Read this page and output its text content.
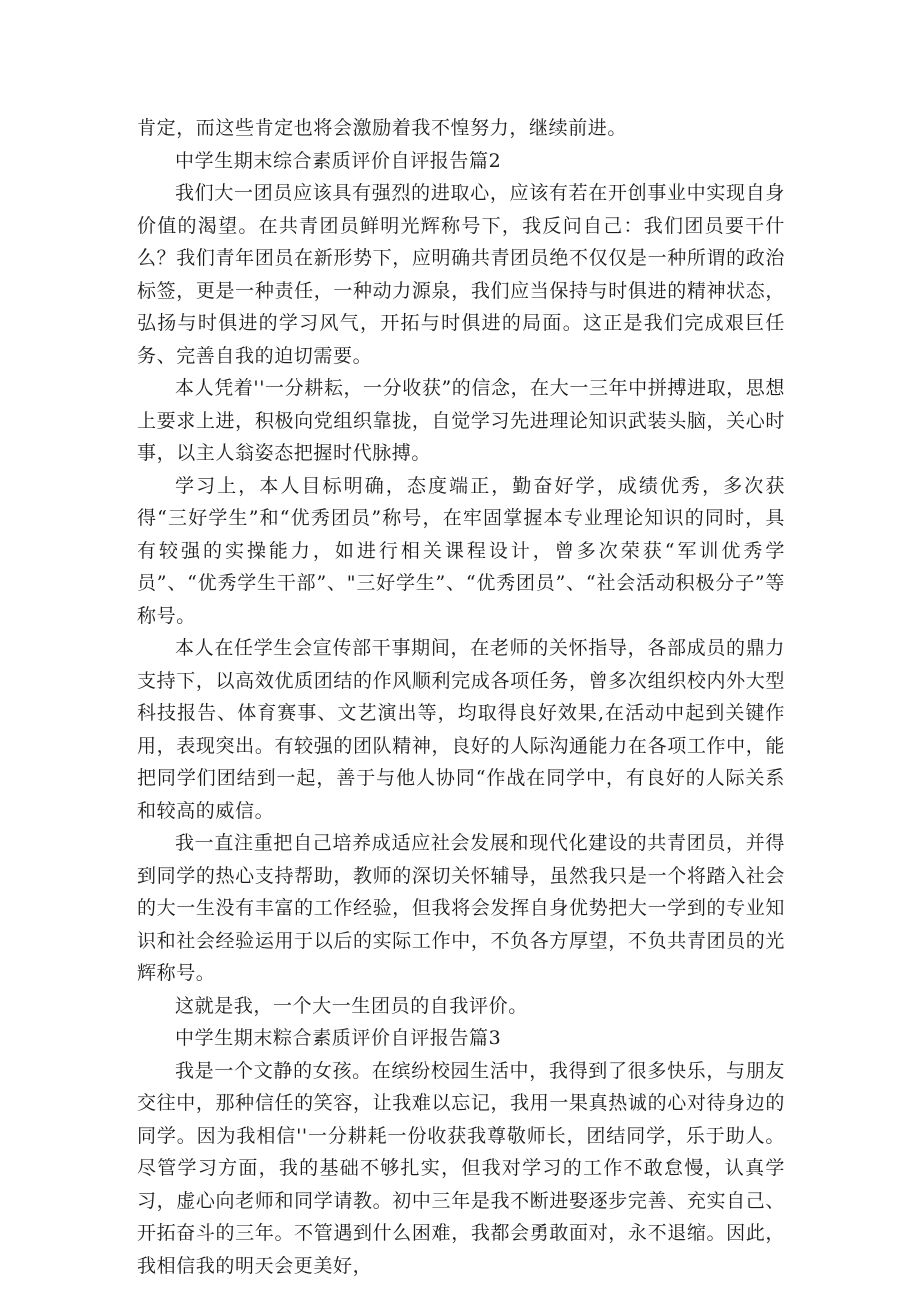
肯定，而这些肯定也将会激励着我不惶努力，继续前进。

中学生期末综合素质评价自评报告篇2

我们大一团员应该具有强烈的进取心，应该有若在开创事业中实现自身价值的渴望。在共青团员鲜明光辉称号下，我反问自己：我们团员要干什么？我们青年团员在新形势下，应明确共青团员绝不仅仅是一种所谓的政治标签，更是一种责任，一种动力源泉，我们应当保持与时俱进的精神状态，弘扬与时俱进的学习风气，开拓与时俱进的局面。这正是我们完成艰巨任务、完善自我的迫切需要。

本人凭着''一分耕耘，一分收获”的信念，在大一三年中拼搏进取，思想上要求上进，积极向党组织靠拢，自觉学习先进理论知识武装头脑，关心时事，以主人翁姿态把握时代脉搏。

学习上，本人目标明确，态度端正，勤奋好学，成绩优秀，多次获得“三好学生”和“优秀团员”称号，在牢固掌握本专业理论知识的同时，具有较强的实操能力，如进行相关课程设计，曾多次荣获“军训优秀学员”、“优秀学生干部”、"三好学生”、“优秀团员”、“社会活动积极分子”等称号。

本人在任学生会宣传部干事期间，在老师的关怀指导，各部成员的鼎力支持下，以高效优质团结的作风顺利完成各项任务，曾多次组织校内外大型科技报告、体育赛事、文艺演出等，均取得良好效果,在活动中起到关键作用，表现突出。有较强的团队精神，良好的人际沟通能力在各项工作中，能把同学们团结到一起，善于与他人协同“作战在同学中，有良好的人际关系和较高的威信。

我一直注重把自己培养成适应社会发展和现代化建设的共青团员，并得到同学的热心支持帮助，教师的深切关怀辅导，虽然我只是一个将踏入社会的大一生没有丰富的工作经验，但我将会发挥自身优势把大一学到的专业知识和社会经验运用于以后的实际工作中，不负各方厚望，不负共青团员的光辉称号。

这就是我，一个大一生团员的自我评价。

中学生期末粽合素质评价自评报告篇3

我是一个文静的女孩。在缤纷校园生活中，我得到了很多快乐，与朋友交往中，那种信任的笑容，让我难以忘记，我用一果真热诚的心对待身边的同学。因为我相信''一分耕耗一份收获我尊敬师长，团结同学，乐于助人。尽管学习方面，我的基础不够扎实，但我对学习的工作不敢怠慢，认真学习，虚心向老师和同学请教。初中三年是我不断进娶逐步完善、充实自己、开拓奋斗的三年。不管遇到什么困难，我都会勇敢面对，永不退缩。因此，我相信我的明天会更美好，
